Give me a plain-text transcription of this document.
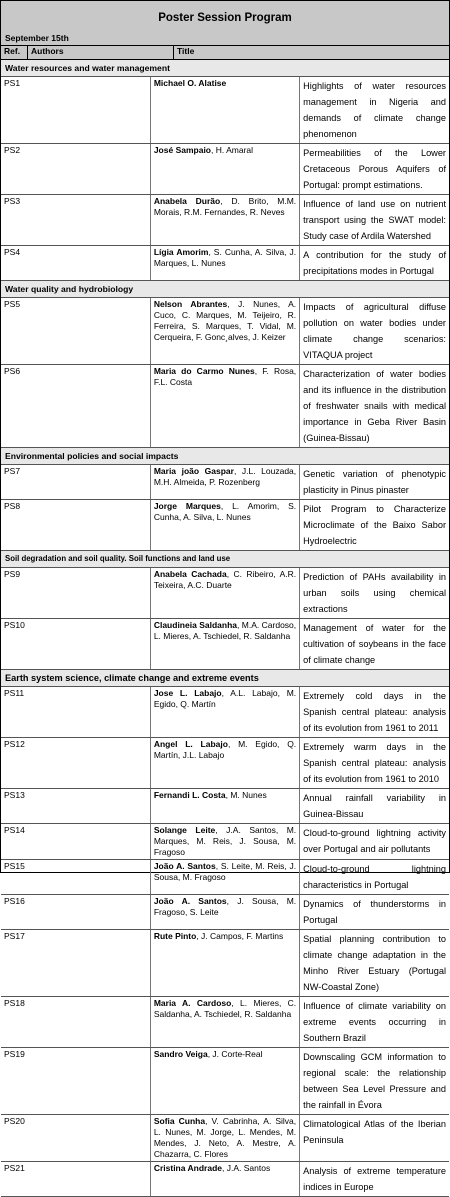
Poster Session Program
September 15th
Ref.	Authors	Title
Water resources and water management		
PS1	Michael O. Alatise	Highlights of water resources management in Nigeria and demands of climate change phenomenon
PS2	José Sampaio, H. Amaral	Permeabilities of the Lower Cretaceous Porous Aquifers of Portugal: prompt estimations.
PS3	Anabela Durão, D. Brito, M.M. Morais, R.M. Fernandes, R. Neves	Influence of land use on nutrient transport using the SWAT model: Study case of Ardila Watershed
PS4	Lígia Amorim, S. Cunha, A. Silva, J. Marques, L. Nunes	A contribution for the study of precipitations modes in Portugal
Water quality and hydrobiology		
PS5	Nelson Abrantes, J. Nunes, A. Cuco, C. Marques, M. Teijeiro, R. Ferreira, S. Marques, T. Vidal, M. Cerqueira, F. Gonc¸alves, J. Keizer	Impacts of agricultural diffuse pollution on water bodies under climate change scenarios: VITAQUA project
PS6	Maria do Carmo Nunes, F. Rosa, F.L. Costa	Characterization of water bodies and its influence in the distribution of freshwater snails with medical importance in Geba River Basin (Guinea-Bissau)
Environmental policies and social impacts		
PS7	Maria joão Gaspar, J.L. Louzada, M.H. Almeida, P. Rozenberg	Genetic variation of phenotypic plasticity in Pinus pinaster
PS8	Jorge Marques, L. Amorim, S. Cunha, A. Silva, L. Nunes	Pilot Program to Characterize Microclimate of the Baixo Sabor Hydroelectric
Soil degradation and soil quality. Soil functions and land use		
PS9	Anabela Cachada, C. Ribeiro, A.R. Teixeira, A.C. Duarte	Prediction of PAHs availability in urban soils using chemical extractions
PS10	Claudineia Saldanha, M.A. Cardoso, L. Mieres, A. Tschiedel, R. Saldanha	Management of water for the cultivation of soybeans in the face of climate change
Earth system science, climate change and extreme events		
PS11	Jose L. Labajo, A.L. Labajo, M. Egido, Q. Martín	Extremely cold days in the Spanish central plateau: analysis of its evolution from 1961 to 2011
PS12	Angel L. Labajo, M. Egido, Q. Martín, J.L. Labajo	Extremely warm days in the Spanish central plateau: analysis of its evolution from 1961 to 2010
PS13	Fernandi L. Costa, M. Nunes	Annual rainfall variability in Guinea-Bissau
PS14	Solange Leite, J.A. Santos, M. Marques, M. Reis, J. Sousa, M. Fragoso	Cloud-to-ground lightning activity over Portugal and air pollutants
PS15	João A. Santos, S. Leite, M. Reis, J. Sousa, M. Fragoso	Cloud-to-ground lightning characteristics in Portugal
PS16	João A. Santos, J. Sousa, M. Fragoso, S. Leite	Dynamics of thunderstorms in Portugal
PS17	Rute Pinto, J. Campos, F. Martins	Spatial planning contribution to climate change adaptation in the Minho River Estuary (Portugal NW-Coastal Zone)
PS18	Maria A. Cardoso, L. Mieres, C. Saldanha, A. Tschiedel, R. Saldanha	Influence of climate variability on extreme events occurring in Southern Brazil
PS19	Sandro Veiga, J. Corte-Real	Downscaling GCM information to regional scale: the relationship between Sea Level Pressure and the rainfall in Évora
PS20	Sofia Cunha, V. Cabrinha, A. Silva, L. Nunes, M. Jorge, L. Mendes, M. Mendes, J. Neto, A. Mestre, A. Chazarra, C. Flores	Climatological Atlas of the Iberian Peninsula
PS21	Cristina Andrade, J.A. Santos	Analysis of extreme temperature indices in Europe
